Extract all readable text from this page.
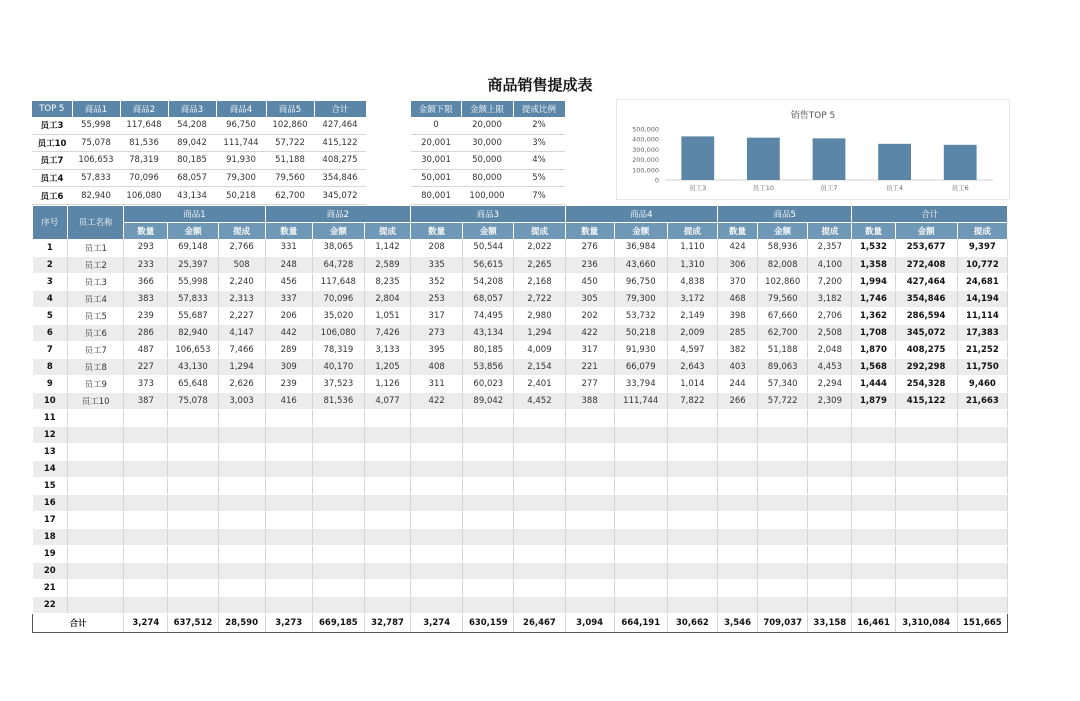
商品销售提成表
TOP 5	商品1	商品2	商品3	商品4	商品5	合计
员工3	55,998	117,648	54,208	96,750	102,860	427,464
员工10	75,078	81,536	89,042	111,744	57,722	415,122
员工7	106,653	78,319	80,185	91,930	51,188	408,275
员工4	57,833	70,096	68,057	79,300	79,560	354,846
员工6	82,940	106,080	43,134	50,218	62,700	345,072
金额下限	金额上限	提成比例
0	20,000	2%
20,001	30,000	3%
30,001	50,000	4%
50,001	80,000	5%
80,001	100,000	7%
销售TOP 5
500,000
400,000
300,000
200,000
100,000
0
员工3	员工10	员工7	员工4	员工6
序号	员工名称	商品1			商品2			商品3			商品4			商品5			合计		
		数量	金额	提成	数量	金额	提成	数量	金额	提成	数量	金额	提成	数量	金额	提成	数量	金额	提成
1	员工1	293	69,148	2,766	331	38,065	1,142	208	50,544	2,022	276	36,984	1,110	424	58,936	2,357	1,532	253,677	9,397
2	员工2	233	25,397	508	248	64,728	2,589	335	56,615	2,265	236	43,660	1,310	306	82,008	4,100	1,358	272,408	10,772
3	员工3	366	55,998	2,240	456	117,648	8,235	352	54,208	2,168	450	96,750	4,838	370	102,860	7,200	1,994	427,464	24,681
4	员工4	383	57,833	2,313	337	70,096	2,804	253	68,057	2,722	305	79,300	3,172	468	79,560	3,182	1,746	354,846	14,194
5	员工5	239	55,687	2,227	206	35,020	1,051	317	74,495	2,980	202	53,732	2,149	398	67,660	2,706	1,362	286,594	11,114
6	员工6	286	82,940	4,147	442	106,080	7,426	273	43,134	1,294	422	50,218	2,009	285	62,700	2,508	1,708	345,072	17,383
7	员工7	487	106,653	7,466	289	78,319	3,133	395	80,185	4,009	317	91,930	4,597	382	51,188	2,048	1,870	408,275	21,252
8	员工8	227	43,130	1,294	309	40,170	1,205	408	53,856	2,154	221	66,079	2,643	403	89,063	4,453	1,568	292,298	11,750
9	员工9	373	65,648	2,626	239	37,523	1,126	311	60,023	2,401	277	33,794	1,014	244	57,340	2,294	1,444	254,328	9,460
10	员工10	387	75,078	3,003	416	81,536	4,077	422	89,042	4,452	388	111,744	7,822	266	57,722	2,309	1,879	415,122	21,663
11																			
12																			
13																			
14																			
15																			
16																			
17																			
18																			
19																			
20																			
21																			
22																			
合计		3,274	637,512	28,590	3,273	669,185	32,787	3,274	630,159	26,467	3,094	664,191	30,662	3,546	709,037	33,158	16,461	3,310,084	151,665
